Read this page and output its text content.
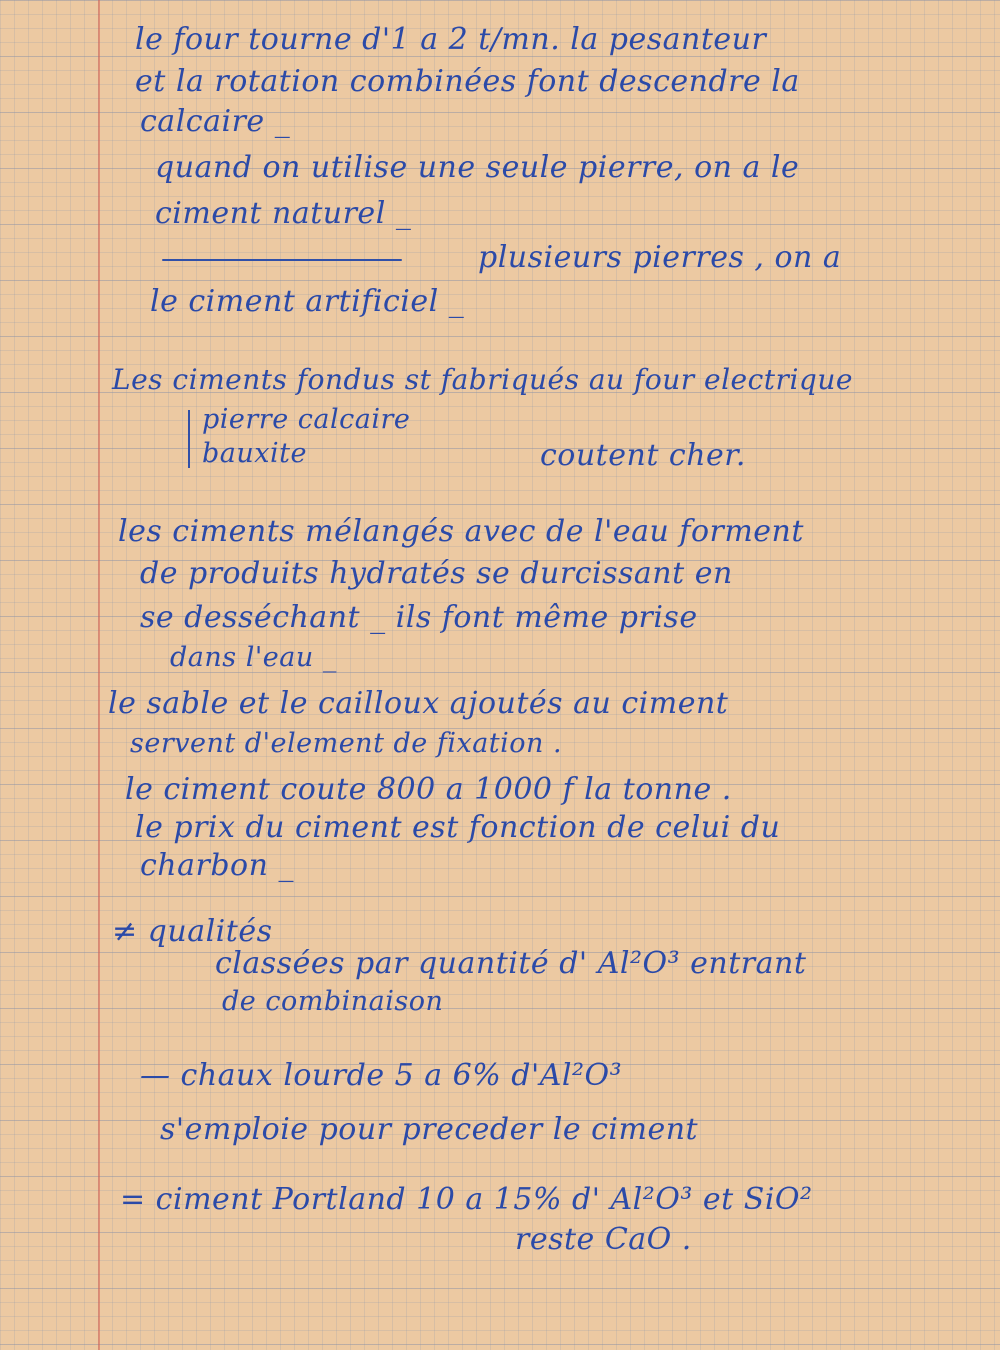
le four tourne d'1 a 2 t/mn. la pesanteur

et la rotation combinées font descendre la

calcaire _

quand on utilise une seule pierre, on a le

ciment naturel _

plusieurs pierres , on a

le ciment artificiel _

Les ciments fondus st fabriqués au four electrique

pierre calcaire

bauxite	coutent cher.

les ciments mélangés avec de l'eau forment

de produits hydratés se durcissant en

se desséchant _ ils font même prise

dans l'eau _

le sable et le cailloux ajoutés au ciment

servent d'element de fixation .

le ciment coute 800 a 1000 f la tonne .

le prix du ciment est fonction de celui du

charbon _

≠ qualités

classées par quantité d' Al²O³ entrant

de combinaison

— chaux lourde 5 a 6% d'Al²O³

s'emploie pour preceder le ciment

= ciment Portland 10 a 15% d' Al²O³ et SiO²

reste CaO .
